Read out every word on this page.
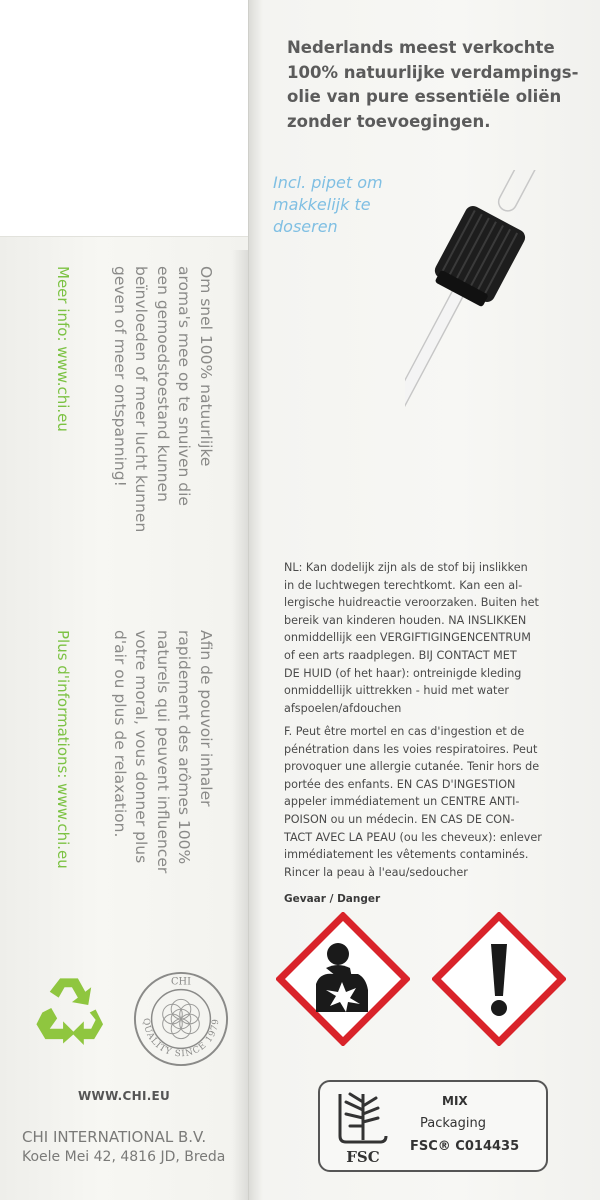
Meer info: www.chi.eu	Om snel 100% natuurlijke
aroma's mee op te snuiven die
een gemoedstoestand kunnen
beïnvloeden of meer lucht kunnen
geven of meer ontspanning!
Plus d'informations: www.chi.eu	Afin de pouvoir inhaler
rapidement des arômes 100%
naturels qui peuvent influencer
votre moral, vous donner plus
d'air ou plus de relaxation.
CHI
QUALITY SINCE 1979
WWW.CHI.EU
CHI INTERNATIONAL B.V.
Koele Mei 42, 4816 JD, Breda
Nederlands meest verkochte
100% natuurlijke verdampings-
olie van pure essentiële oliën
zonder toevoegingen.
Incl. pipet om
makkelijk te
doseren
NL: Kan dodelijk zijn als de stof bij inslikken
in de luchtwegen terechtkomt. Kan een al-
lergische huidreactie veroorzaken. Buiten het
bereik van kinderen houden. NA INSLIKKEN
onmiddellijk een VERGIFTIGINGENCENTRUM
of een arts raadplegen. BIJ CONTACT MET
DE HUID (of het haar): ontreinigde kleding
onmiddellijk uittrekken - huid met water
afspoelen/afdouchen
F. Peut être mortel en cas d'ingestion et de
pénétration dans les voies respiratoires. Peut
provoquer une allergie cutanée. Tenir hors de
portée des enfants. EN CAS D'INGESTION
appeler immédiatement un CENTRE ANTI-
POISON ou un médecin. EN CAS DE CON-
TACT AVEC LA PEAU (ou les cheveux): enlever
immédiatement les vêtements contaminés.
Rincer la peau à l'eau/sedoucher
Gevaar / Danger
FSC
MIX
Packaging
FSC® C014435
